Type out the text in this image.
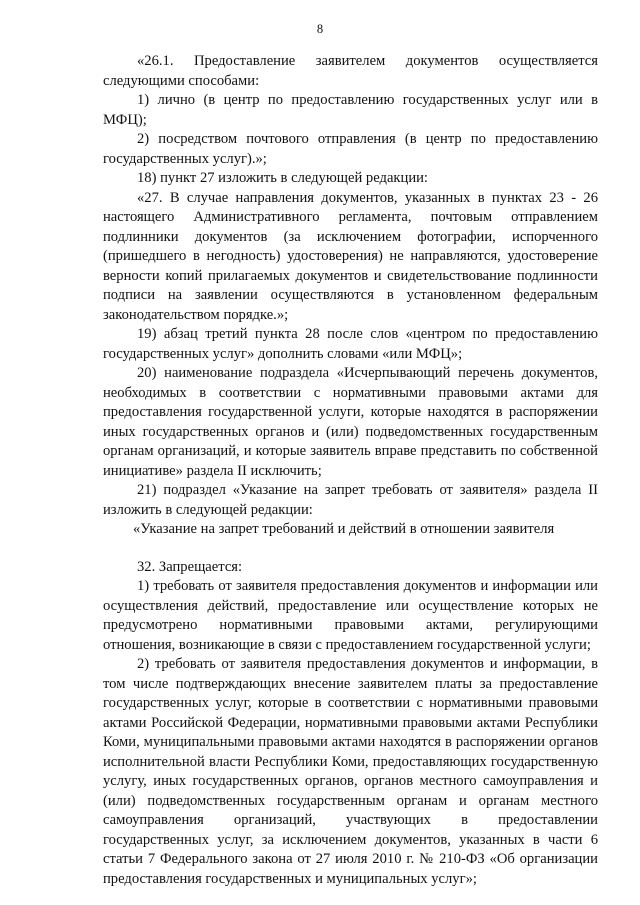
8

«26.1. Предоставление заявителем документов осуществляется следующими способами:

1) лично (в центр по предоставлению государственных услуг или в МФЦ);

2) посредством почтового отправления (в центр по предоставлению государственных услуг).»;

18) пункт 27 изложить в следующей редакции:

«27. В случае направления документов, указанных в пунктах 23 - 26 настоящего Административного регламента, почтовым отправлением подлинники документов (за исключением фотографии, испорченного (пришедшего в негодность) удостоверения) не направляются, удостоверение верности копий прилагаемых документов и свидетельствование подлинности подписи на заявлении осуществляются в установленном федеральным законодательством порядке.»;

19) абзац третий пункта 28 после слов «центром по предоставлению государственных услуг» дополнить словами «или МФЦ»;

20) наименование подраздела «Исчерпывающий перечень документов, необходимых в соответствии с нормативными правовыми актами для предоставления государственной услуги, которые находятся в распоряжении иных государственных органов и (или) подведомственных государственным органам организаций, и которые заявитель вправе представить по собственной инициативе» раздела II исключить;

21) подраздел «Указание на запрет требовать от заявителя» раздела II изложить в следующей редакции:

«Указание на запрет требований и действий в отношении заявителя

32. Запрещается:

1) требовать от заявителя предоставления документов и информации или осуществления действий, предоставление или осуществление которых не предусмотрено нормативными правовыми актами, регулирующими отношения, возникающие в связи с предоставлением государственной услуги;

2) требовать от заявителя предоставления документов и информации, в том числе подтверждающих внесение заявителем платы за предоставление государственных услуг, которые в соответствии с нормативными правовыми актами Российской Федерации, нормативными правовыми актами Республики Коми, муниципальными правовыми актами находятся в распоряжении органов исполнительной власти Республики Коми, предоставляющих государственную услугу, иных государственных органов, органов местного самоуправления и (или) подведомственных государственным органам и органам местного самоуправления организаций, участвующих в предоставлении государственных услуг, за исключением документов, указанных в части 6 статьи 7 Федерального закона от 27 июля 2010 г. № 210-ФЗ «Об организации предоставления государственных и муниципальных услуг»;
